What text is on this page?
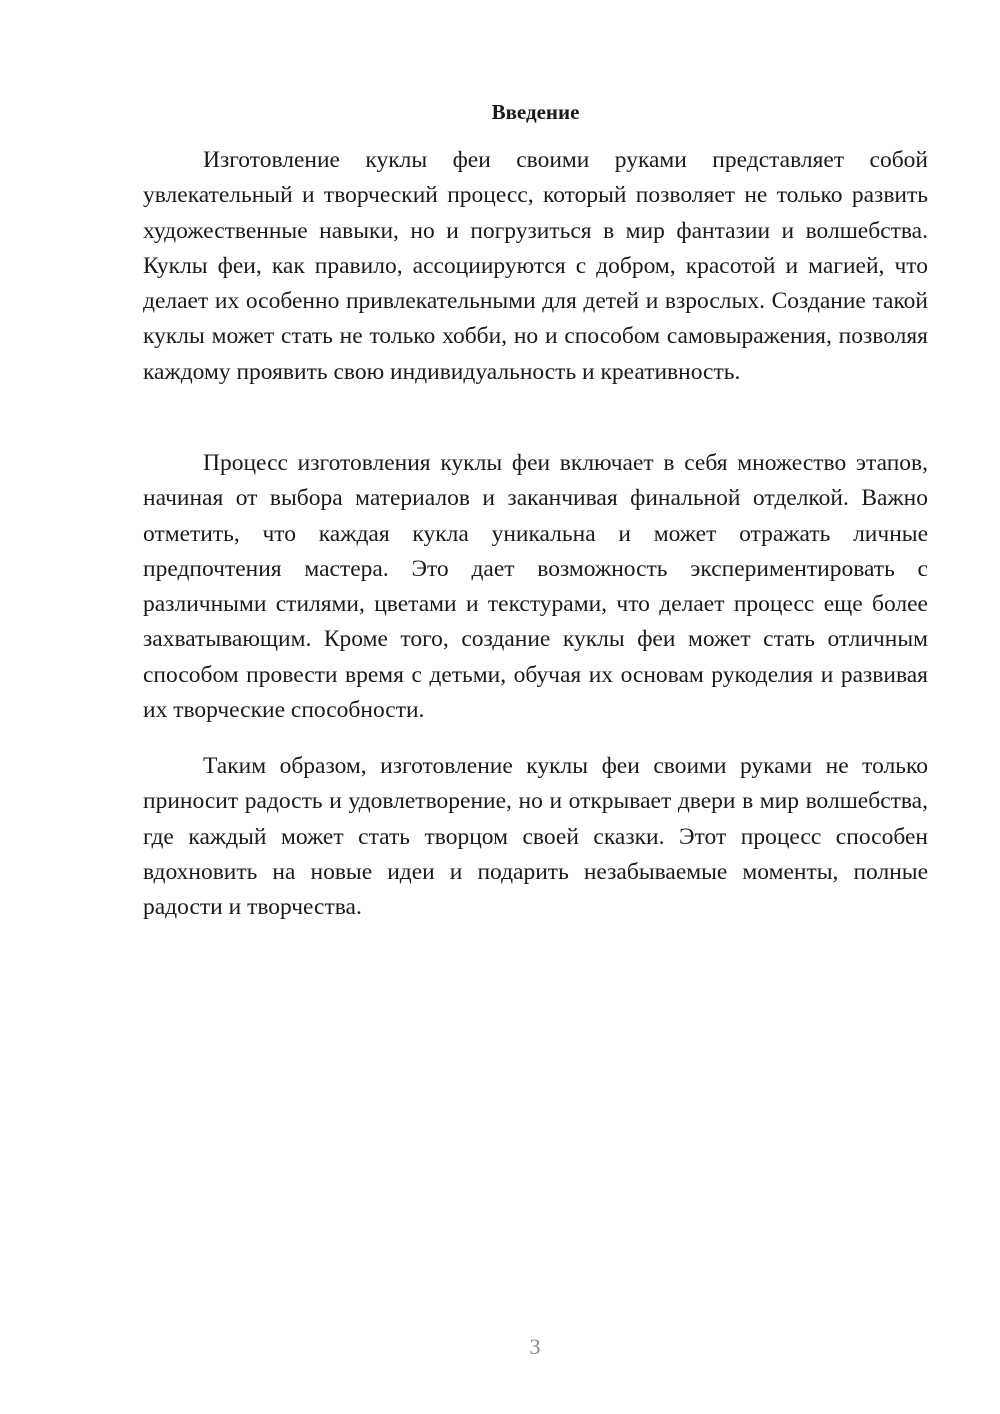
Введение

Изготовление куклы феи своими руками представляет собой увлекательный и творческий процесс, который позволяет не только развить художественные навыки, но и погрузиться в мир фантазии и волшебства. Куклы феи, как правило, ассоциируются с добром, красотой и магией, что делает их особенно привлекательными для детей и взрослых. Создание такой куклы может стать не только хобби, но и способом самовыражения, позволяя каждому проявить свою индивидуальность и креативность.

Процесс изготовления куклы феи включает в себя множество этапов, начиная от выбора материалов и заканчивая финальной отделкой. Важно отметить, что каждая кукла уникальна и может отражать личные предпочтения мастера. Это дает возможность экспериментировать с различными стилями, цветами и текстурами, что делает процесс еще более захватывающим. Кроме того, создание куклы феи может стать отличным способом провести время с детьми, обучая их основам рукоделия и развивая их творческие способности.

Таким образом, изготовление куклы феи своими руками не только приносит радость и удовлетворение, но и открывает двери в мир волшебства, где каждый может стать творцом своей сказки. Этот процесс способен вдохновить на новые идеи и подарить незабываемые моменты, полные радости и творчества.

3
